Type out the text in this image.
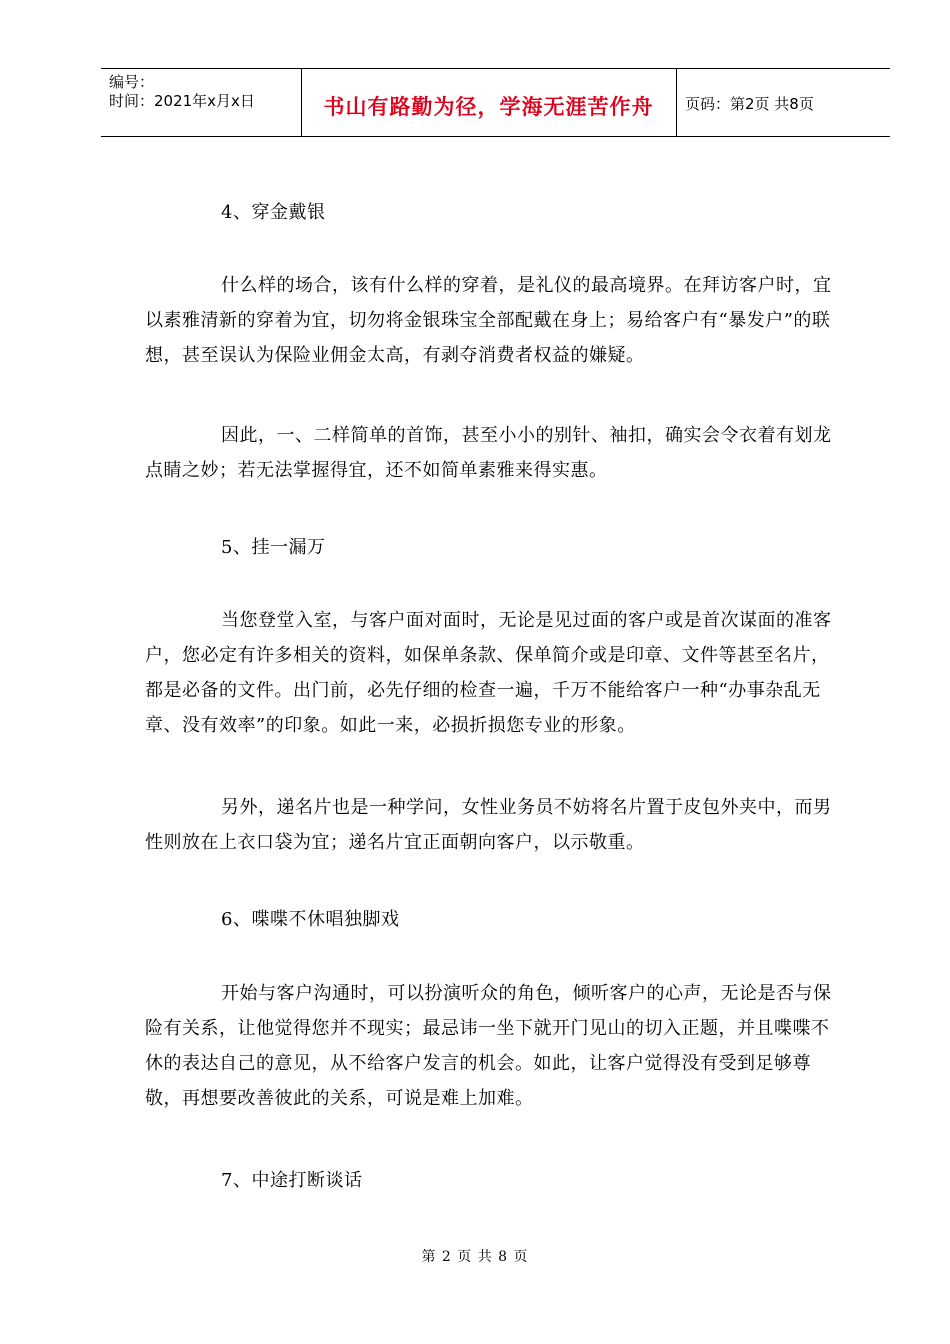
编号：
时间：2021年x月x日	书山有路勤为径，学海无涯苦作舟	页码：第2页 共8页

4、穿金戴银

什么样的场合，该有什么样的穿着，是礼仪的最高境界。在拜访客户时，宜以素雅清新的穿着为宜，切勿将金银珠宝全部配戴在身上；易给客户有“暴发户”的联想，甚至误认为保险业佣金太高，有剥夺消费者权益的嫌疑。

因此，一、二样简单的首饰，甚至小小的别针、袖扣，确实会令衣着有划龙点睛之妙；若无法掌握得宜，还不如简单素雅来得实惠。

5、挂一漏万

当您登堂入室，与客户面对面时，无论是见过面的客户或是首次谋面的准客户，您必定有许多相关的资料，如保单条款、保单简介或是印章、文件等甚至名片，都是必备的文件。出门前，必先仔细的检查一遍，千万不能给客户一种“办事杂乱无章、没有效率”的印象。如此一来，必损折损您专业的形象。

另外，递名片也是一种学问，女性业务员不妨将名片置于皮包外夹中，而男性则放在上衣口袋为宜；递名片宜正面朝向客户，以示敬重。

6、喋喋不休唱独脚戏

开始与客户沟通时，可以扮演听众的角色，倾听客户的心声，无论是否与保险有关系，让他觉得您并不现实；最忌讳一坐下就开门见山的切入正题，并且喋喋不休的表达自己的意见，从不给客户发言的机会。如此，让客户觉得没有受到足够尊敬，再想要改善彼此的关系，可说是难上加难。

7、中途打断谈话

第 2 页 共 8 页
